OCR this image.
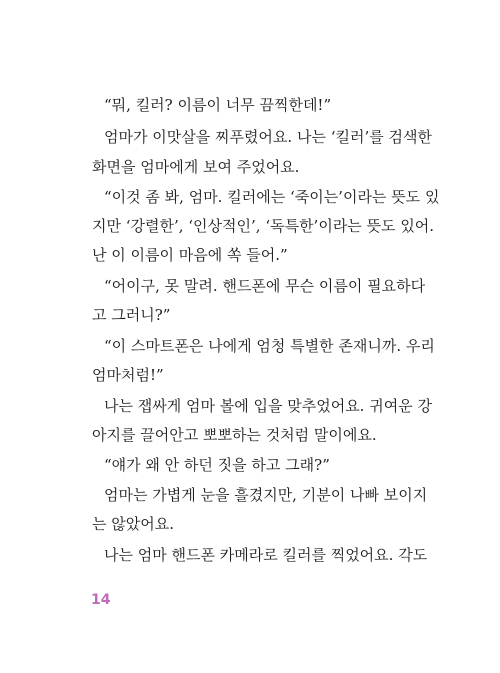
“뭐, 킬러? 이름이 너무 끔찍한데!”
엄마가 이맛살을 찌푸렸어요. 나는 ‘킬러’를 검색한
화면을 엄마에게 보여 주었어요.
“이것 좀 봐, 엄마. 킬러에는 ‘죽이는’이라는 뜻도 있
지만 ‘강렬한’, ‘인상적인’, ‘독특한’이라는 뜻도 있어.
난 이 이름이 마음에 쏙 들어.”
“어이구, 못 말려. 핸드폰에 무슨 이름이 필요하다
고 그러니?”
“이 스마트폰은 나에게 엄청 특별한 존재니까. 우리
엄마처럼!”
나는 잽싸게 엄마 볼에 입을 맞추었어요. 귀여운 강
아지를 끌어안고 뽀뽀하는 것처럼 말이에요.
“얘가 왜 안 하던 짓을 하고 그래?”
엄마는 가볍게 눈을 흘겼지만, 기분이 나빠 보이지
는 않았어요.
나는 엄마 핸드폰 카메라로 킬러를 찍었어요. 각도
14
